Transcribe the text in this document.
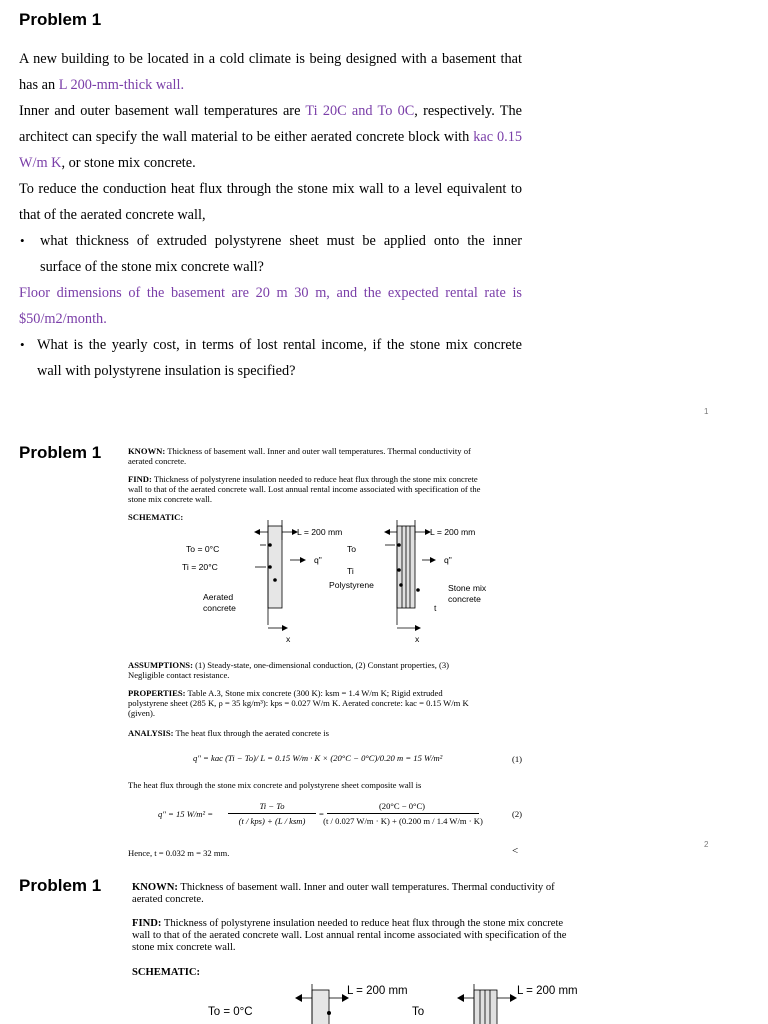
Problem 1
A new building to be located in a cold climate is being designed with a basement that
has an L 200-mm-thick wall.
Inner and outer basement wall temperatures are Ti 20C and To 0C, respectively. The
architect can specify the wall material to be either aerated concrete block with kac 0.15
W/m K, or stone mix concrete.
To reduce the conduction heat flux through the stone mix wall to a level equivalent to
that of the aerated concrete wall,
• what thickness of extruded polystyrene sheet must be applied onto the inner
surface of the stone mix concrete wall?
Floor dimensions of the basement are 20 m 30 m, and the expected rental rate is
$50/m2/month.
• What is the yearly cost, in terms of lost rental income, if the stone mix concrete
wall with polystyrene insulation is specified?
1
Problem 1	KNOWN: Thickness of basement wall. Inner and outer wall temperatures. Thermal conductivity of
aerated concrete.
FIND: Thickness of polystyrene insulation needed to reduce heat flux through the stone mix concrete
wall to that of the aerated concrete wall. Lost annual rental income associated with specification of the
stone mix concrete wall.
SCHEMATIC:
L = 200 mm	L = 200 mm
To = 0°C
Ti = 20°C
q"	q"
To
Ti
Aerated
concrete
Polystyrene	Stone mix
concrete
t
x	x
ASSUMPTIONS: (1) Steady-state, one-dimensional conduction, (2) Constant properties, (3)
Negligible contact resistance.
PROPERTIES: Table A.3, Stone mix concrete (300 K): ksm = 1.4 W/m K; Rigid extruded
polystyrene sheet (285 K, ρ = 35 kg/m³): kps = 0.027 W/m K. Aerated concrete: kac = 0.15 W/m K
(given).
ANALYSIS: The heat flux through the aerated concrete is
q" = kac (Ti − To)/ L = 0.15 W/m · K × (20°C − 0°C)/0.20 m = 15 W/m²	(1)
The heat flux through the stone mix concrete and polystyrene sheet composite wall is
q" = 15 W/m² =
Ti − To
(t / kps) + (L / ksm)
=
(20°C − 0°C)
(t / 0.027 W/m · K) + (0.200 m / 1.4 W/m · K)
(2)
Hence, t = 0.032 m = 32 mm.	<
2
Problem 1	KNOWN: Thickness of basement wall. Inner and outer wall temperatures. Thermal conductivity of
aerated concrete.
FIND: Thickness of polystyrene insulation needed to reduce heat flux through the stone mix concrete
wall to that of the aerated concrete wall. Lost annual rental income associated with specification of the
stone mix concrete wall.
SCHEMATIC:
L = 200 mm	L = 200 mm
To = 0°C	To
